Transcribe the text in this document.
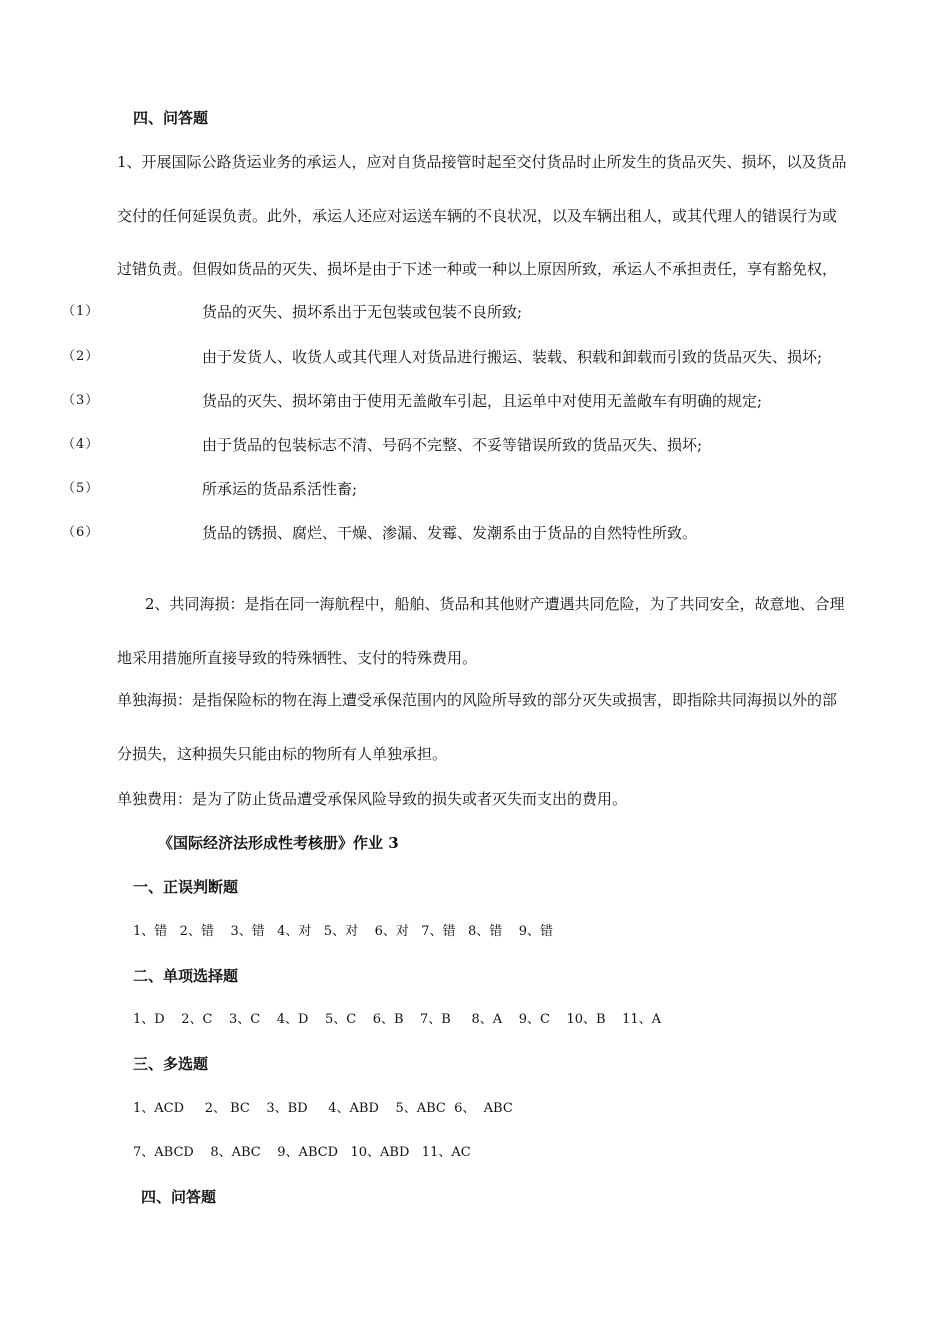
四、问答题
1、开展国际公路货运业务的承运人，应对自货品接管时起至交付货品时止所发生的货品灭失、损坏，以及货品
交付的任何延误负责。此外，承运人还应对运送车辆的不良状况，以及车辆出租人，或其代理人的错误行为或
过错负责。但假如货品的灭失、损坏是由于下述一种或一种以上原因所致，承运人不承担责任，享有豁免权，
（1）	货品的灭失、损坏系出于无包装或包装不良所致;
（2）	由于发货人、收货人或其代理人对货品进行搬运、装载、积载和卸载而引致的货品灭失、损坏;
（3）	货品的灭失、损坏第由于使用无盖敞车引起，且运单中对使用无盖敞车有明确的规定;
（4）	由于货品的包装标志不清、号码不完整、不妥等错误所致的货品灭失、损坏;
（5）	所承运的货品系活性畜;
（6）	货品的锈损、腐烂、干燥、渗漏、发霉、发潮系由于货品的自然特性所致。
2、共同海损：是指在同一海航程中，船舶、货品和其他财产遭遇共同危险，为了共同安全，故意地、合理
地采用措施所直接导致的特殊牺牲、支付的特殊费用。
单独海损：是指保险标的物在海上遭受承保范围内的风险所导致的部分灭失或损害，即指除共同海损以外的部
分损失，这种损失只能由标的物所有人单独承担。
单独费用：是为了防止货品遭受承保风险导致的损失或者灭失而支出的费用。
《国际经济法形成性考核册》作业 3
一、正误判断题
1、错   2、错    3、错   4、对   5、对    6、对   7、错   8、错    9、错
二、单项选择题
1、D    2、C    3、C    4、D    5、C    6、B    7、B     8、A    9、C    10、B    11、A
三、多选题
1、ACD     2、 BC    3、BD     4、ABD    5、ABC  6、  ABC
7、ABCD    8、ABC    9、ABCD   10、ABD   11、AC
四、问答题
